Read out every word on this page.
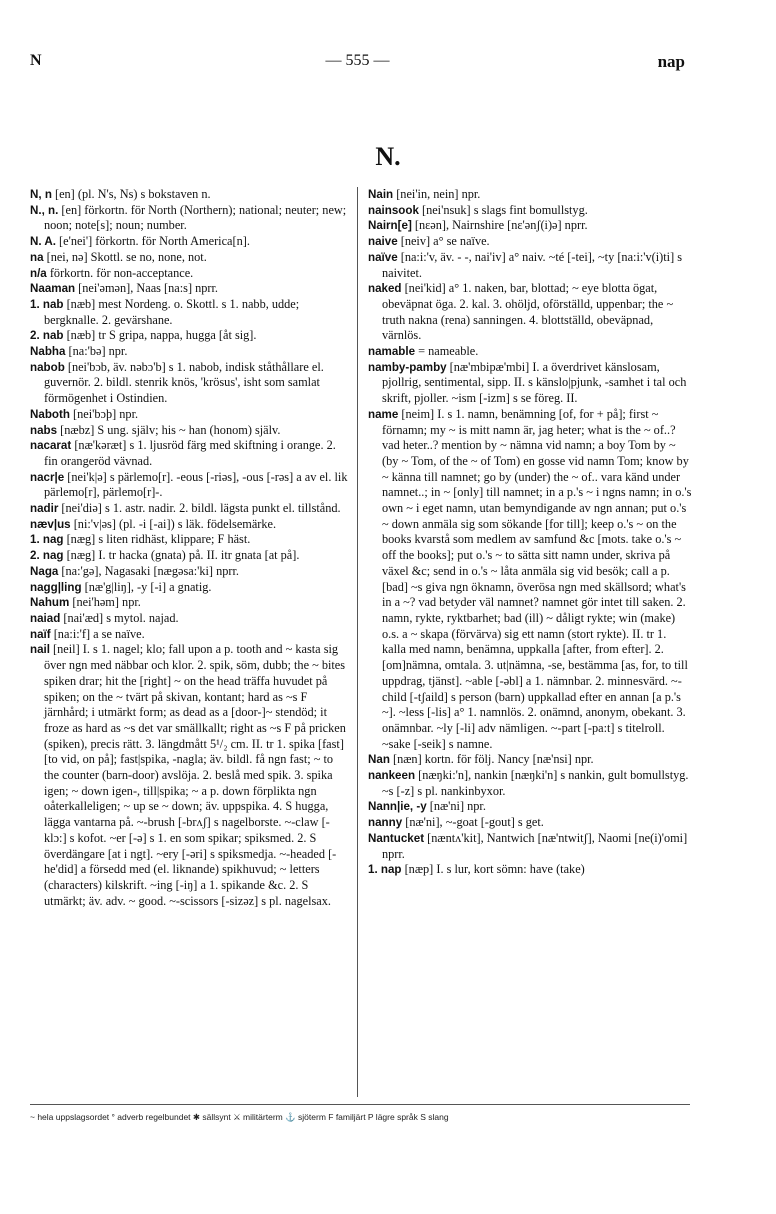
N	— 555 —	nap
N.

N, n [en] (pl. N's, Ns) s bokstaven n.

N., n. [en] förkortn. för North (Northern); national; neuter; new; noon; note[s]; noun; number.

N. A. [e'nei'] förkortn. för North America[n].

na [nei, nə] Skottl. se no, none, not.

n/a förkortn. för non-acceptance.

Naaman [nei'əmən], Naas [na:s] nprr.

1. nab [næb] mest Nordeng. o. Skottl. s 1. nabb, udde; bergknalle. 2. gevärshane.

2. nab [næb] tr S gripa, nappa, hugga [åt sig].

Nabha [na:'bə] npr.

nabob [nei'bɔb, äv. nəbɔ'b] s 1. nabob, indisk ståthållare el. guvernör. 2. bildl. stenrik knös, 'krösus', isht som samlat förmögenhet i Ostindien.

Naboth [nei'bɔþ] npr.

nabs [næbz] S ung. själv; his ~ han (honom) själv.

nacarat [næ'kəræt] s 1. ljusröd färg med skiftning i orange. 2. fin orangeröd vävnad.

nacr|e [nei'k|ə] s pärlemo[r]. -eous [-riəs], -ous [-rəs] a av el. lik pärlemo[r], pärlemo[r]-.

nadir [nei'diə] s 1. astr. nadir. 2. bildl. lägsta punkt el. tillstånd.

næv|us [ni:'v|əs] (pl. -i [-ai]) s läk. födelsemärke.

1. nag [næg] s liten ridhäst, klippare; F häst.

2. nag [næg] I. tr hacka (gnata) på. II. itr gnata [at på].

Naga [na:'gə], Nagasaki [nægəsa:'ki] nprr.

nagg|ling [næ'g|liŋ], -y [-i] a gnatig.

Nahum [nei'həm] npr.

naiad [nai'æd] s mytol. najad.

naïf [na:i:'f] a se naïve.

nail [neil] I. s 1. nagel; klo; fall upon a p. tooth and ~ kasta sig över ngn med näbbar och klor. 2. spik, söm, dubb; the ~ bites spiken drar; hit the [right] ~ on the head träffa huvudet på spiken; on the ~ tvärt på skivan, kontant; hard as ~s F järnhård; i utmärkt form; as dead as a [door-]~ stendöd; it froze as hard as ~s det var smällkallt; right as ~s F på pricken (spiken), precis rätt. 3. längdmått 5¹/₂ cm. II. tr 1. spika [fast] [to vid, on på]; fast|spika, -nagla; äv. bildl. få ngn fast; ~ to the counter (barn-door) avslöja. 2. beslå med spik. 3. spika igen; ~ down igen-, till|spika; ~ a p. down förplikta ngn oåterkalleligen; ~ up se ~ down; äv. uppspika. 4. S hugga, lägga vantarna på. ~-brush [-brʌʃ] s nagelborste. ~-claw [-klɔ:] s kofot. ~er [-ə] s 1. en som spikar; spiksmed. 2. S överdängare [at i ngt]. ~ery [-əri] s spiksmedja. ~-headed [-he'did] a försedd med (el. liknande) spikhuvud; ~ letters (characters) kilskrift. ~ing [-iŋ] a 1. spikande &c. 2. S utmärkt; äv. adv. ~ good. ~-scissors [-sizəz] s pl. nagelsax.

Nain [nei'in, nein] npr.

nainsook [nei'nsuk] s slags fint bomullstyg.

Nairn[e] [nεən], Nairnshire [nε'ənʃ(i)ə] nprr.

naive [neiv] a° se naïve.

naïve [na:i:'v, äv. - -, nai'iv] a° naiv. ~té [-tei], ~ty [na:i:'v(i)ti] s naivitet.

naked [nei'kid] a° 1. naken, bar, blottad; ~ eye blotta ögat, obeväpnat öga. 2. kal. 3. ohöljd, oförställd, uppenbar; the ~ truth nakna (rena) sanningen. 4. blottställd, obeväpnad, värnlös.

namable = nameable.

namby-pamby [næ'mbipæ'mbi] I. a överdrivet känslosam, pjollrig, sentimental, sipp. II. s känslo|pjunk, -samhet i tal och skrift, pjoller. ~ism [-izm] s se föreg. II.

name [neim] I. s 1. namn, benämning [of, for + på]; first ~ förnamn; my ~ is mitt namn är, jag heter; what is the ~ of..? vad heter..? mention by ~ nämna vid namn; a boy Tom by ~ (by ~ Tom, of the ~ of Tom) en gosse vid namn Tom; know by ~ känna till namnet; go by (under) the ~ of.. vara känd under namnet..; in ~ [only] till namnet; in a p.'s ~ i ngns namn; in o.'s own ~ i eget namn, utan bemyndigande av ngn annan; put o.'s ~ down anmäla sig som sökande [for till]; keep o.'s ~ on the books kvarstå som medlem av samfund &c [mots. take o.'s ~ off the books]; put o.'s ~ to sätta sitt namn under, skriva på växel &c; send in o.'s ~ låta anmäla sig vid besök; call a p. [bad] ~s giva ngn öknamn, överösa ngn med skällsord; what's in a ~? vad betyder väl namnet? namnet gör intet till saken. 2. namn, rykte, ryktbarhet; bad (ill) ~ dåligt rykte; win (make) o.s. a ~ skapa (förvärva) sig ett namn (stort rykte). II. tr 1. kalla med namn, benämna, uppkalla [after, from efter]. 2. [om]nämna, omtala. 3. ut|nämna, -se, bestämma [as, for, to till uppdrag, tjänst]. ~able [-əbl] a 1. nämnbar. 2. minnesvärd. ~-child [-tʃaild] s person (barn) uppkallad efter en annan [a p.'s ~]. ~less [-lis] a° 1. namnlös. 2. onämnd, anonym, obekant. 3. onämnbar. ~ly [-li] adv nämligen. ~-part [-pa:t] s titelroll. ~sake [-seik] s namne.

Nan [næn] kortn. för följ. Nancy [næ'nsi] npr.

nankeen [næŋki:'n], nankin [næŋki'n] s nankin, gult bomullstyg. ~s [-z] s pl. nankinbyxor.

Nann|ie, -y [næ'ni] npr.

nanny [næ'ni], ~-goat [-gout] s get.

Nantucket [næntʌ'kit], Nantwich [næ'ntwitʃ], Naomi [ne(i)'omi] nprr.

1. nap [næp] I. s lur, kort sömn: have (take)

~ hela uppslagsordet ° adverb regelbundet ✱ sällsynt ⚔ militärterm ⚓ sjöterm F familjärt P lägre språk S slang
